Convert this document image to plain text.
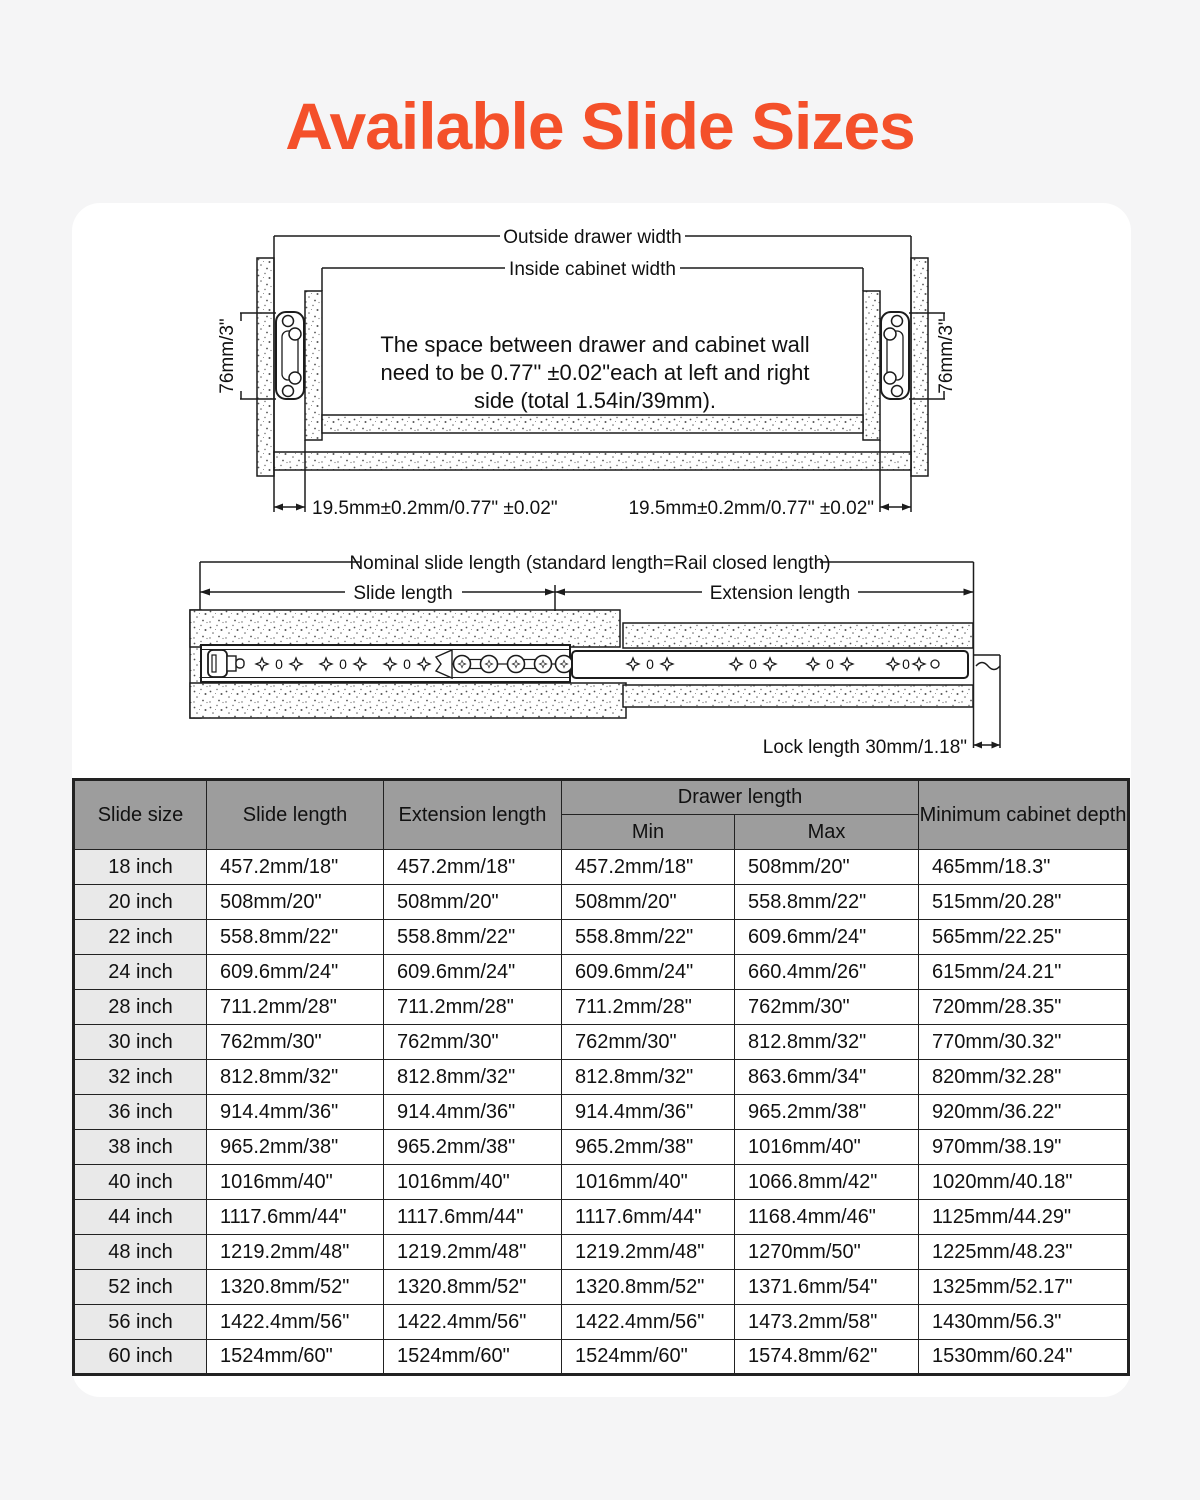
Available Slide Sizes
Outside drawer width
Inside cabinet width
The space between drawer and cabinet wall
need to be 0.77" ±0.02"each at left and right
side (total 1.54in/39mm).
76mm/3"	76mm/3"
19.5mm±0.2mm/0.77" ±0.02"	19.5mm±0.2mm/0.77" ±0.02"
Nominal slide length (standard length=Rail closed length)
Slide length	Extension length
Lock length 30mm/1.18"
0	0	0	0	0	0	0
Slide size	Slide length	Extension length	Drawer length		Minimum cabinet depth
			Min	Max	
18 inch	457.2mm/18"	457.2mm/18"	457.2mm/18"	508mm/20"	465mm/18.3"
20 inch	508mm/20"	508mm/20"	508mm/20"	558.8mm/22"	515mm/20.28"
22 inch	558.8mm/22"	558.8mm/22"	558.8mm/22"	609.6mm/24"	565mm/22.25"
24 inch	609.6mm/24"	609.6mm/24"	609.6mm/24"	660.4mm/26"	615mm/24.21"
28 inch	711.2mm/28"	711.2mm/28"	711.2mm/28"	762mm/30"	720mm/28.35"
30 inch	762mm/30"	762mm/30"	762mm/30"	812.8mm/32"	770mm/30.32"
32 inch	812.8mm/32"	812.8mm/32"	812.8mm/32"	863.6mm/34"	820mm/32.28"
36 inch	914.4mm/36"	914.4mm/36"	914.4mm/36"	965.2mm/38"	920mm/36.22"
38 inch	965.2mm/38"	965.2mm/38"	965.2mm/38"	1016mm/40"	970mm/38.19"
40 inch	1016mm/40"	1016mm/40"	1016mm/40"	1066.8mm/42"	1020mm/40.18"
44 inch	1117.6mm/44"	1117.6mm/44"	1117.6mm/44"	1168.4mm/46"	1125mm/44.29"
48 inch	1219.2mm/48"	1219.2mm/48"	1219.2mm/48"	1270mm/50"	1225mm/48.23"
52 inch	1320.8mm/52"	1320.8mm/52"	1320.8mm/52"	1371.6mm/54"	1325mm/52.17"
56 inch	1422.4mm/56"	1422.4mm/56"	1422.4mm/56"	1473.2mm/58"	1430mm/56.3"
60 inch	1524mm/60"	1524mm/60"	1524mm/60"	1574.8mm/62"	1530mm/60.24"
